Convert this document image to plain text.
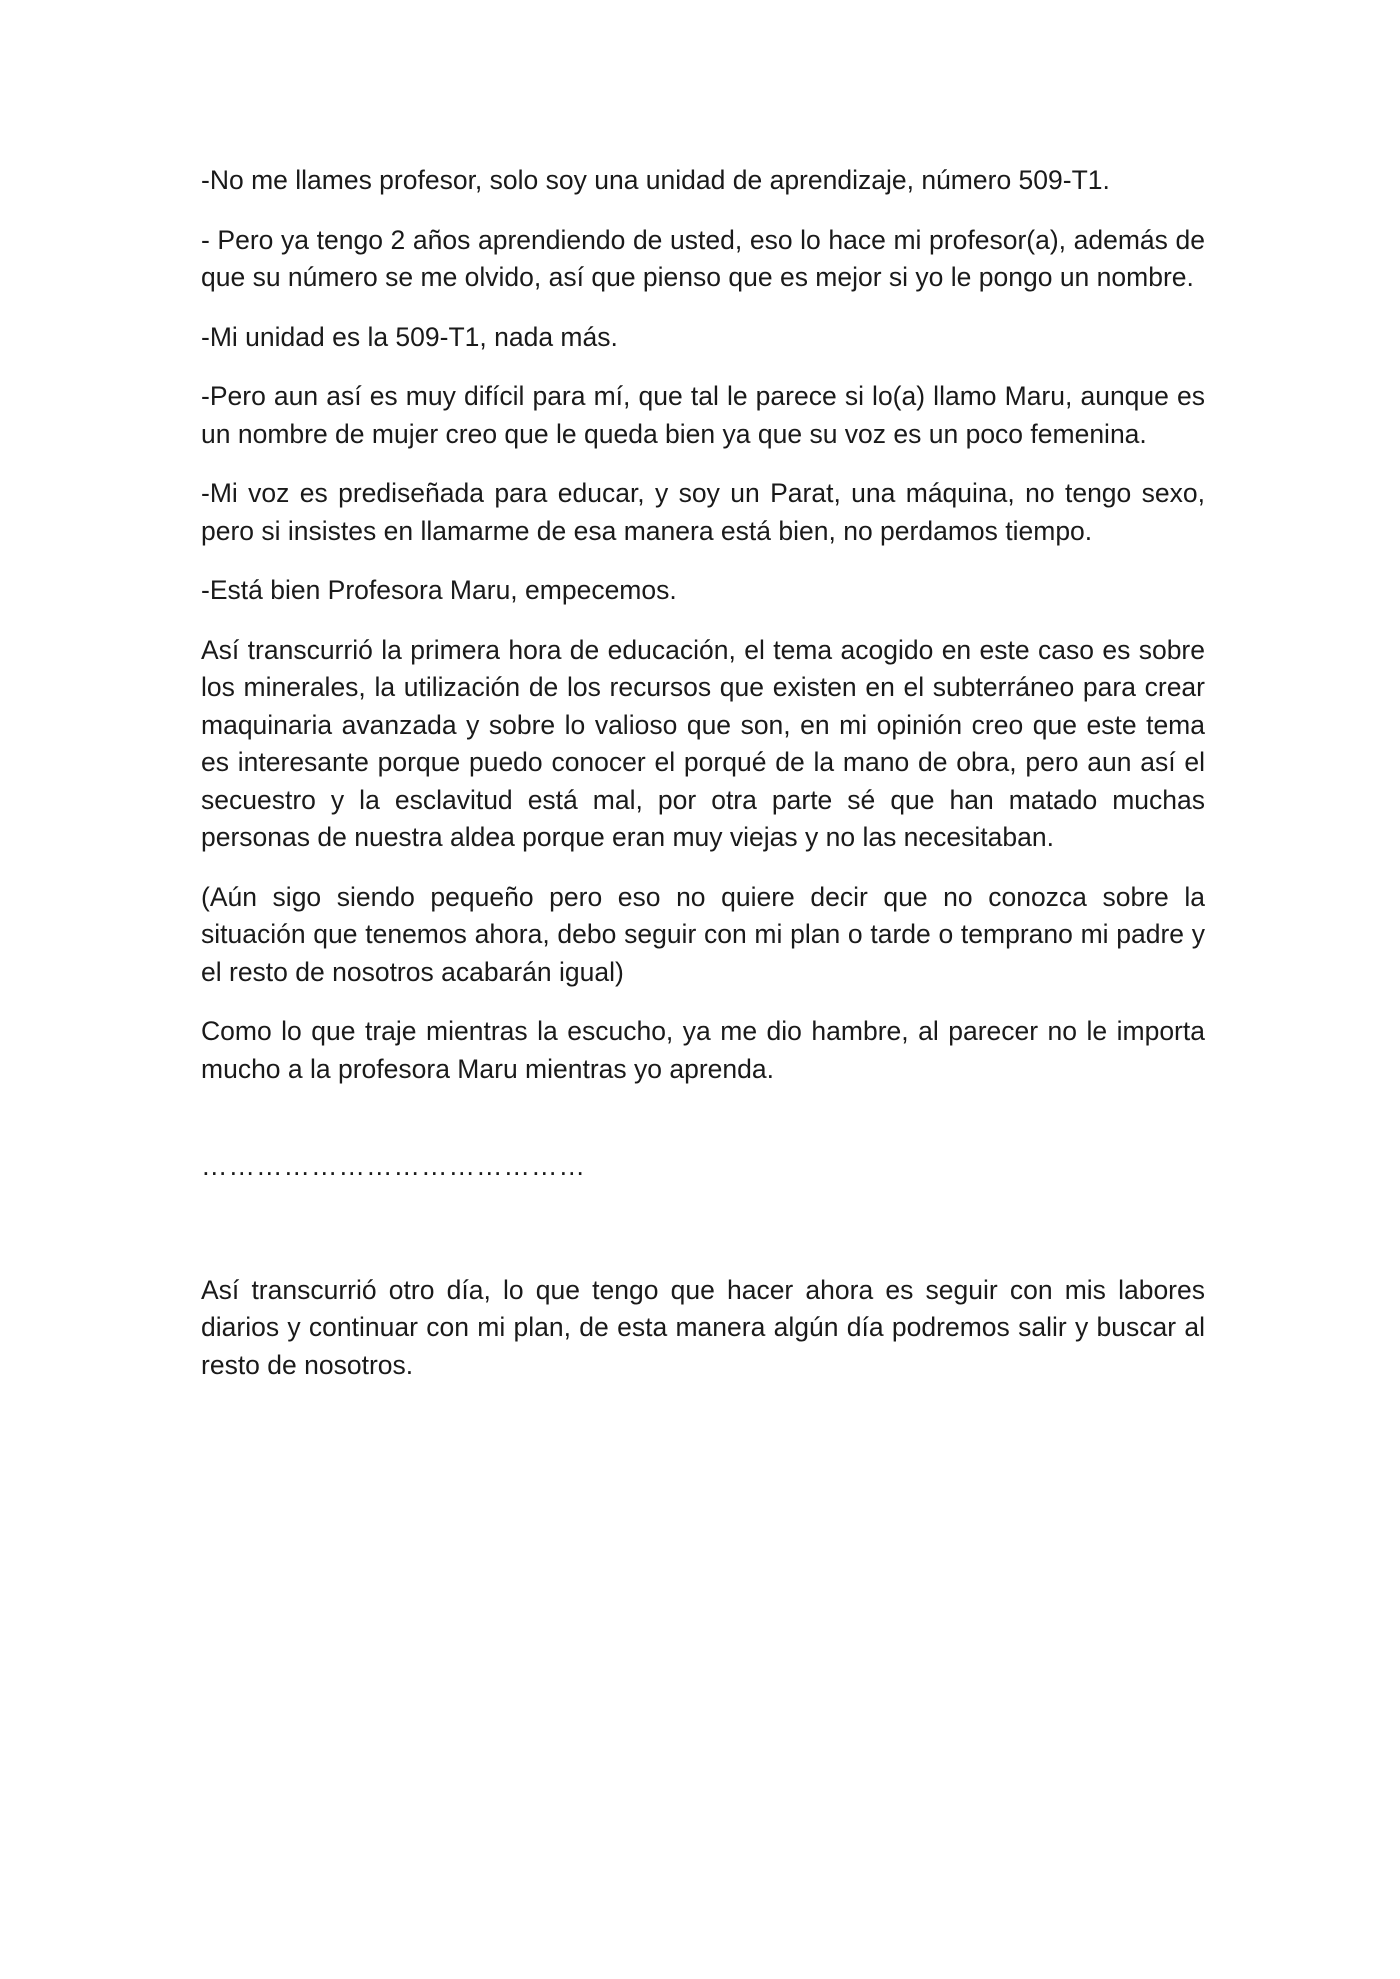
-No me llames profesor, solo soy una unidad de aprendizaje, número 509-T1.

- Pero ya tengo 2 años aprendiendo de usted, eso lo hace mi profesor(a), además de que su número se me olvido, así que pienso que es mejor si yo le pongo un nombre.

-Mi unidad es la 509-T1, nada más.

-Pero aun así es muy difícil para mí, que tal le parece si lo(a) llamo Maru, aunque es un nombre de mujer creo que le queda bien ya que su voz es un poco femenina.

-Mi voz es prediseñada para educar, y soy un Parat, una máquina, no tengo sexo, pero si insistes en llamarme de esa manera está bien, no perdamos tiempo.

-Está bien Profesora Maru, empecemos.

Así transcurrió la primera hora de educación, el tema acogido en este caso es sobre los minerales, la utilización de los recursos que existen en el subterráneo para crear maquinaria avanzada y sobre lo valioso que son, en mi opinión creo que este tema es interesante porque puedo conocer el porqué de la mano de obra, pero aun así el secuestro y la esclavitud está mal, por otra parte sé que han matado muchas personas de nuestra aldea porque eran muy viejas y no las necesitaban.

(Aún sigo siendo pequeño pero eso no quiere decir que no conozca sobre la situación que tenemos ahora, debo seguir con mi plan o tarde o temprano mi padre y el resto de nosotros acabarán igual)

Como lo que traje mientras la escucho, ya me dio hambre, al parecer no le importa mucho a la profesora Maru mientras yo aprenda.

……………………………………

Así transcurrió otro día, lo que tengo que hacer ahora es seguir con mis labores diarios y continuar con mi plan, de esta manera algún día podremos salir y buscar al resto de nosotros.
